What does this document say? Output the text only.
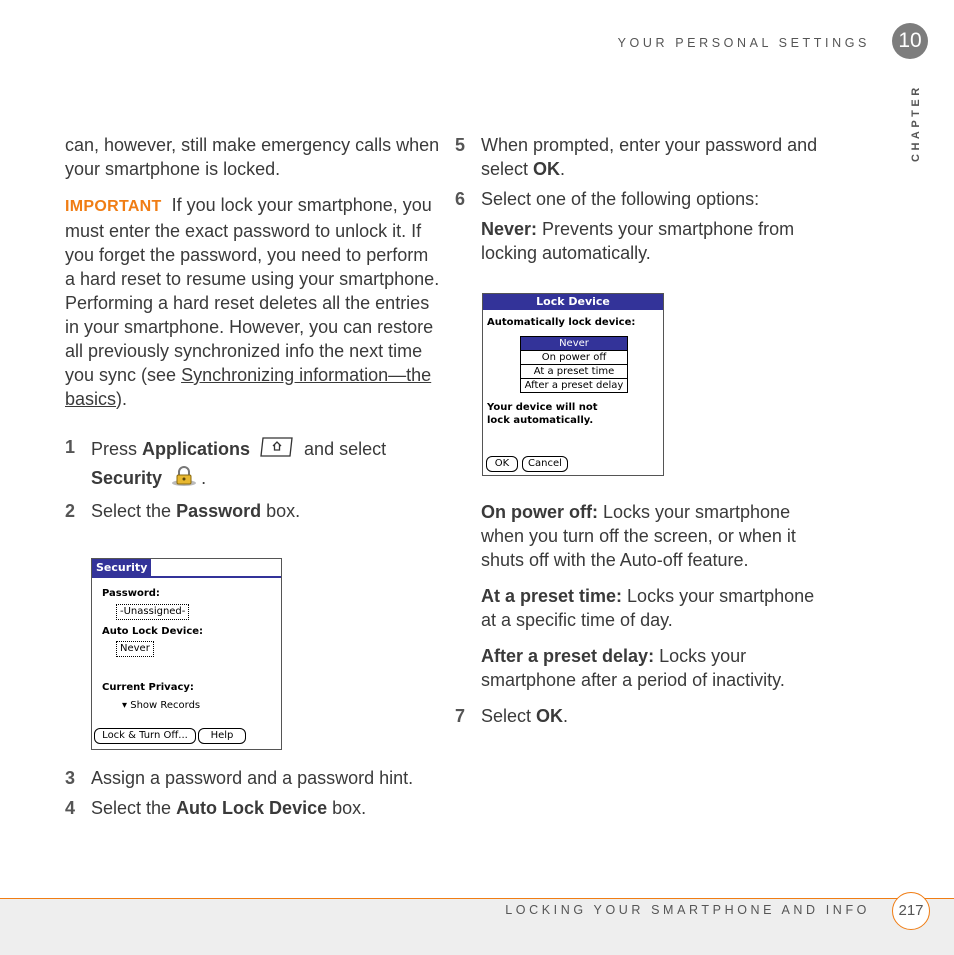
YOUR PERSONAL SETTINGS	10
CHAPTER

can, however, still make emergency calls when your smartphone is locked.

IMPORTANT If you lock your smartphone, you must enter the exact password to unlock it. If you forget the password, you need to perform a hard reset to resume using your smartphone. Performing a hard reset deletes all the entries in your smartphone. However, you can restore all previously synchronized info the next time you sync (see Synchronizing information—the basics).

1 Press Applications	and select
Security .
2 Select the Password box.
Security
Password:
-Unassigned-
Auto Lock Device:
Never
Current Privacy:
▾ Show Records
Lock & Turn Off...	Help
3 Assign a password and a password hint.
4 Select the Auto Lock Device box.
5 When prompted, enter your password and select OK.
6 Select one of the following options:

Never: Prevents your smartphone from locking automatically.

Lock Device
Automatically lock device:
Never
On power off
At a preset time
After a preset delay
Your device will not lock automatically.
OK	Cancel

On power off: Locks your smartphone when you turn off the screen, or when it shuts off with the Auto-off feature.

At a preset time: Locks your smartphone at a specific time of day.

After a preset delay: Locks your smartphone after a period of inactivity.

7 Select OK.
LOCKING YOUR SMARTPHONE AND INFO	217
